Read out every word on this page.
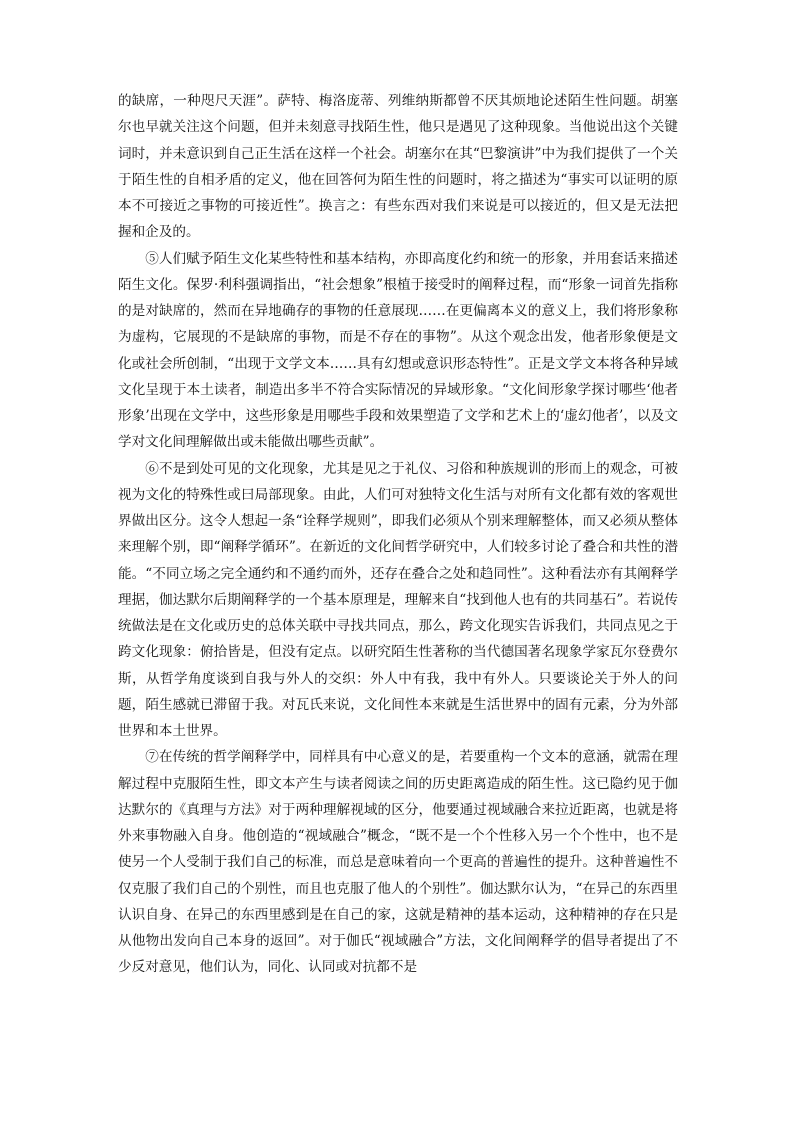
的缺席，一种咫尺天涯”。萨特、梅洛庞蒂、列维纳斯都曾不厌其烦地论述陌生性问题。胡塞尔也早就关注这个问题，但并未刻意寻找陌生性，他只是遇见了这种现象。当他说出这个关键词时，并未意识到自己正生活在这样一个社会。胡塞尔在其“巴黎演讲”中为我们提供了一个关于陌生性的自相矛盾的定义，他在回答何为陌生性的问题时，将之描述为“事实可以证明的原本不可接近之事物的可接近性”。换言之：有些东西对我们来说是可以接近的，但又是无法把握和企及的。

⑤人们赋予陌生文化某些特性和基本结构，亦即高度化约和统一的形象，并用套话来描述陌生文化。保罗·利科强调指出，“社会想象”根植于接受时的阐释过程，而“形象一词首先指称的是对缺席的，然而在异地确存的事物的任意展现……在更偏离本义的意义上，我们将形象称为虚构，它展现的不是缺席的事物，而是不存在的事物”。从这个观念出发，他者形象便是文化或社会所创制，“出现于文学文本……具有幻想或意识形态特性”。正是文学文本将各种异域文化呈现于本土读者，制造出多半不符合实际情况的异域形象。“文化间形象学探讨哪些‘他者形象’出现在文学中，这些形象是用哪些手段和效果塑造了文学和艺术上的‘虚幻他者’，以及文学对文化间理解做出或未能做出哪些贡献”。

⑥不是到处可见的文化现象，尤其是见之于礼仪、习俗和种族规训的形而上的观念，可被视为文化的特殊性或曰局部现象。由此，人们可对独特文化生活与对所有文化都有效的客观世界做出区分。这令人想起一条“诠释学规则”，即我们必须从个别来理解整体，而又必须从整体来理解个别，即“阐释学循环”。在新近的文化间哲学研究中，人们较多讨论了叠合和共性的潜能。“不同立场之完全通约和不通约而外，还存在叠合之处和趋同性”。这种看法亦有其阐释学理据，伽达默尔后期阐释学的一个基本原理是，理解来自“找到他人也有的共同基石”。若说传统做法是在文化或历史的总体关联中寻找共同点，那么，跨文化现实告诉我们，共同点见之于跨文化现象：俯拾皆是，但没有定点。以研究陌生性著称的当代德国著名现象学家瓦尔登费尔斯，从哲学角度谈到自我与外人的交织：外人中有我，我中有外人。只要谈论关于外人的问题，陌生感就已滞留于我。对瓦氏来说，文化间性本来就是生活世界中的固有元素，分为外部世界和本土世界。

⑦在传统的哲学阐释学中，同样具有中心意义的是，若要重构一个文本的意涵，就需在理解过程中克服陌生性，即文本产生与读者阅读之间的历史距离造成的陌生性。这已隐约见于伽达默尔的《真理与方法》对于两种理解视域的区分，他要通过视域融合来拉近距离，也就是将外来事物融入自身。他创造的“视域融合”概念，“既不是一个个性移入另一个个性中，也不是使另一个人受制于我们自己的标准，而总是意味着向一个更高的普遍性的提升。这种普遍性不仅克服了我们自己的个别性，而且也克服了他人的个别性”。伽达默尔认为，“在异己的东西里认识自身、在异己的东西里感到是在自己的家，这就是精神的基本运动，这种精神的存在只是从他物出发向自己本身的返回”。对于伽氏“视域融合”方法，文化间阐释学的倡导者提出了不少反对意见，他们认为，同化、认同或对抗都不是
